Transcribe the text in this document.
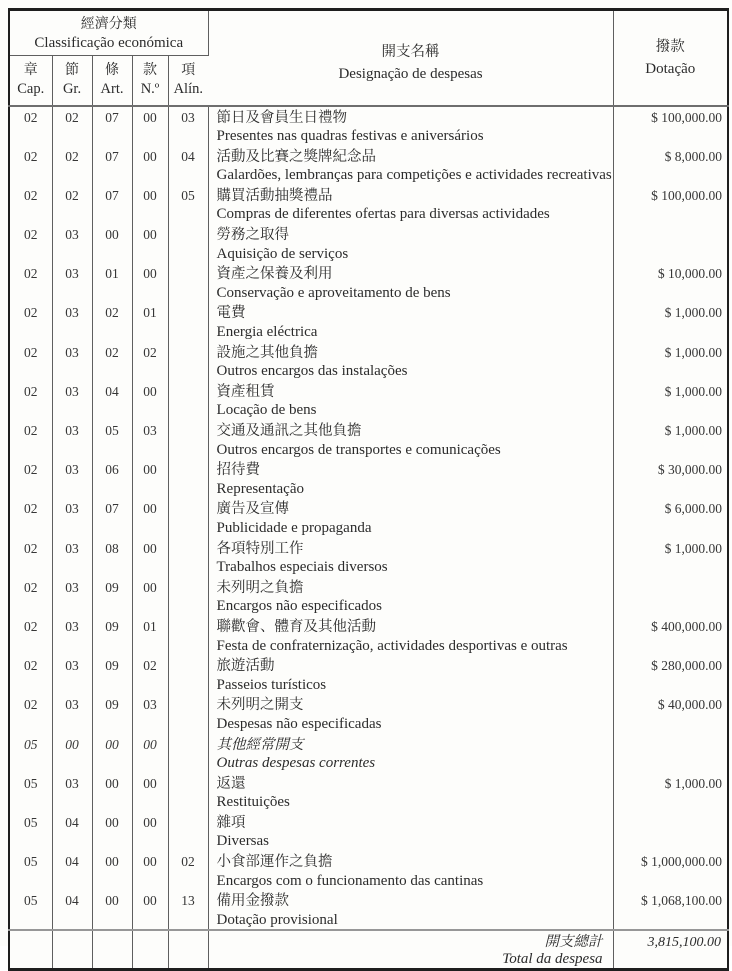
經濟分類
Classificação económica

開支名稱
Designação de despesas

撥款
Dotação

章
Cap.

節
Gr.

條
Art.

款
N.º

項
Alín.

02	02	07	00	03	節日及會員生日禮物
Presentes nas quadras festivas e aniversários	$ 100,000.00
02	02	07	00	04	活動及比賽之獎牌紀念品
Galardões, lembranças para competições e actividades recreativas	$ 8,000.00
02	02	07	00	05	購買活動抽獎禮品
Compras de diferentes ofertas para diversas actividades	$ 100,000.00
02	03	00	00		勞務之取得
Aquisição de serviços	

02	03	01	00		資產之保養及利用
Conservação e aproveitamento de bens	$ 10,000.00
02	03	02	01		電費
Energia eléctrica	$ 1,000.00
02	03	02	02		設施之其他負擔
Outros encargos das instalações	$ 1,000.00
02	03	04	00		資產租賃
Locação de bens	$ 1,000.00
02	03	05	03		交通及通訊之其他負擔
Outros encargos de transportes e comunicações	$ 1,000.00
02	03	06	00		招待費
Representação	$ 30,000.00
02	03	07	00		廣告及宣傳
Publicidade e propaganda	$ 6,000.00
02	03	08	00		各項特別工作
Trabalhos especiais diversos	$ 1,000.00
02	03	09	00		未列明之負擔
Encargos não especificados	

02	03	09	01		聯歡會、體育及其他活動
Festa de confraternização, actividades desportivas e outras	$ 400,000.00
02	03	09	02		旅遊活動
Passeios turísticos	$ 280,000.00
02	03	09	03		未列明之開支
Despesas não especificadas	$ 40,000.00
05	00	00	00		其他經常開支
Outras despesas correntes	

05	03	00	00		返還
Restituições	$ 1,000.00
05	04	00	00		雜項
Diversas	

05	04	00	00	02	小食部運作之負擔
Encargos com o funcionamento das cantinas	$ 1,000,000.00
05	04	00	00	13	備用金撥款
Dotação provisional	$ 1,068,100.00

					開支總計
Total da despesa	3,815,100.00
